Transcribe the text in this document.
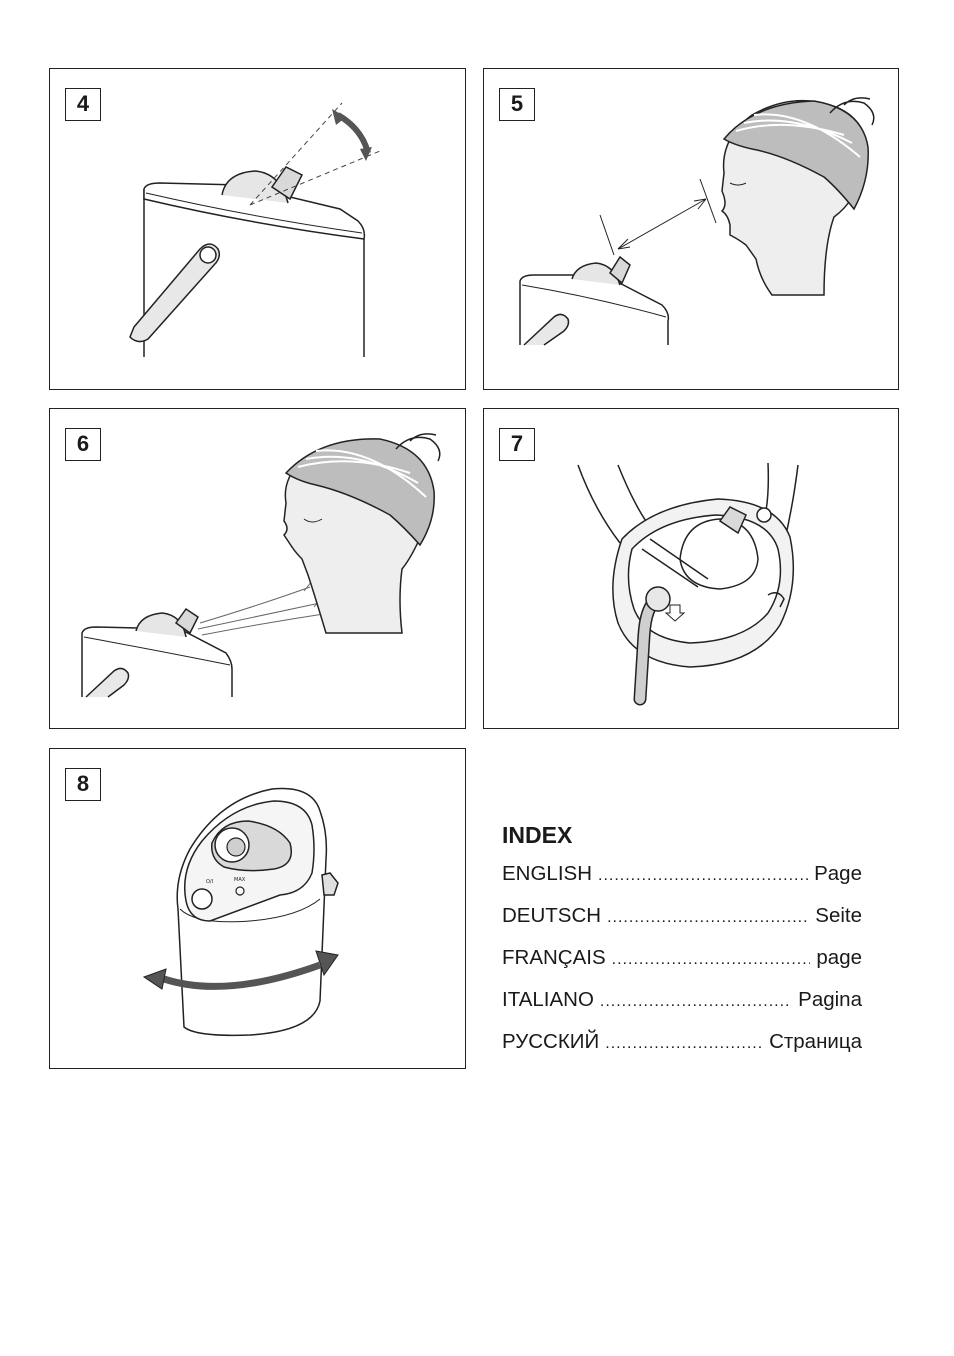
4	5
6	7
8
O/I	MAX
INDEX
ENGLISH .....	Page
DEUTSCH .....	Seite
FRANÇAIS .....	page
ITALIANO .....	Pagina
РУССКИЙ .....	Страница
